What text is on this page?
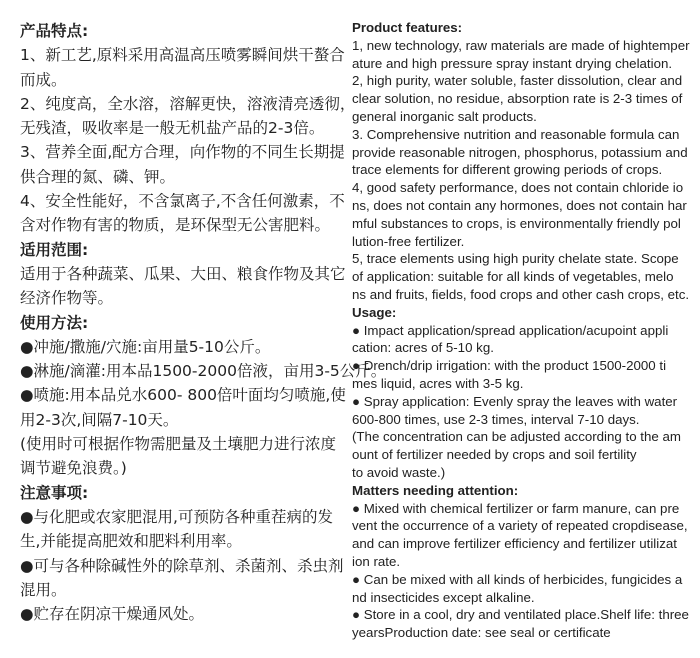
产品特点:
1、新工艺,原料采用高温高压喷雾瞬间烘干螯合
而成。
2、纯度高，全水溶，溶解更快，溶液清亮透彻，
无残渣，吸收率是一般无机盐产品的2-3倍。
3、营养全面,配方合理，向作物的不同生长期提
供合理的氮、磷、钾。
4、安全性能好，不含氯离子,不含任何激素，不
含对作物有害的物质，是环保型无公害肥料。
适用范围:
适用于各种蔬菜、瓜果、大田、粮食作物及其它
经济作物等。
使用方法:
●冲施/撒施/穴施:亩用量5-10公斤。
●淋施/滴灌:用本品1500-2000倍液，亩用3-5公斤。
●喷施:用本品兑水600- 800倍叶面均匀喷施,使
用2-3次,间隔7-10天。
(使用时可根据作物需肥量及土壤肥力进行浓度
调节避免浪费。)
注意事项:
●与化肥或农家肥混用,可预防各种重茬病的发
生,并能提高肥效和肥料利用率。
●可与各种除碱性外的除草剂、杀菌剂、杀虫剂
混用。
●贮存在阴凉干燥通风处。
Product features:
1, new technology, raw materials are made of hightemper
ature and high pressure spray instant drying chelation.
2, high purity, water soluble, faster dissolution, clear and
clear solution, no residue, absorption rate is 2-3 times of
general inorganic salt products.
3. Comprehensive nutrition and reasonable formula can
provide reasonable nitrogen, phosphorus, potassium and
trace elements for different growing periods of crops.
4, good safety performance, does not contain chloride io
ns, does not contain any hormones, does not contain har
mful substances to crops, is environmentally friendly pol
lution-free fertilizer.
5, trace elements using high purity chelate state. Scope
of application: suitable for all kinds of vegetables, melo
ns and fruits, fields, food crops and other cash crops, etc.
Usage:
● Impact application/spread application/acupoint appli
cation: acres of 5-10 kg.
● Drench/drip irrigation: with the product 1500-2000 ti
mes liquid, acres with 3-5 kg.
● Spray application: Evenly spray the leaves with water
600-800 times, use 2-3 times, interval 7-10 days.
(The concentration can be adjusted according to the am
ount of fertilizer needed by crops and soil fertility
to avoid waste.)
Matters needing attention:
● Mixed with chemical fertilizer or farm manure, can pre
vent the occurrence of a variety of repeated cropdisease,
and can improve fertilizer efficiency and fertilizer utilizat
ion rate.
● Can be mixed with all kinds of herbicides, fungicides a
nd insecticides except alkaline.
● Store in a cool, dry and ventilated place.Shelf life: three
yearsProduction date: see seal or certificate
